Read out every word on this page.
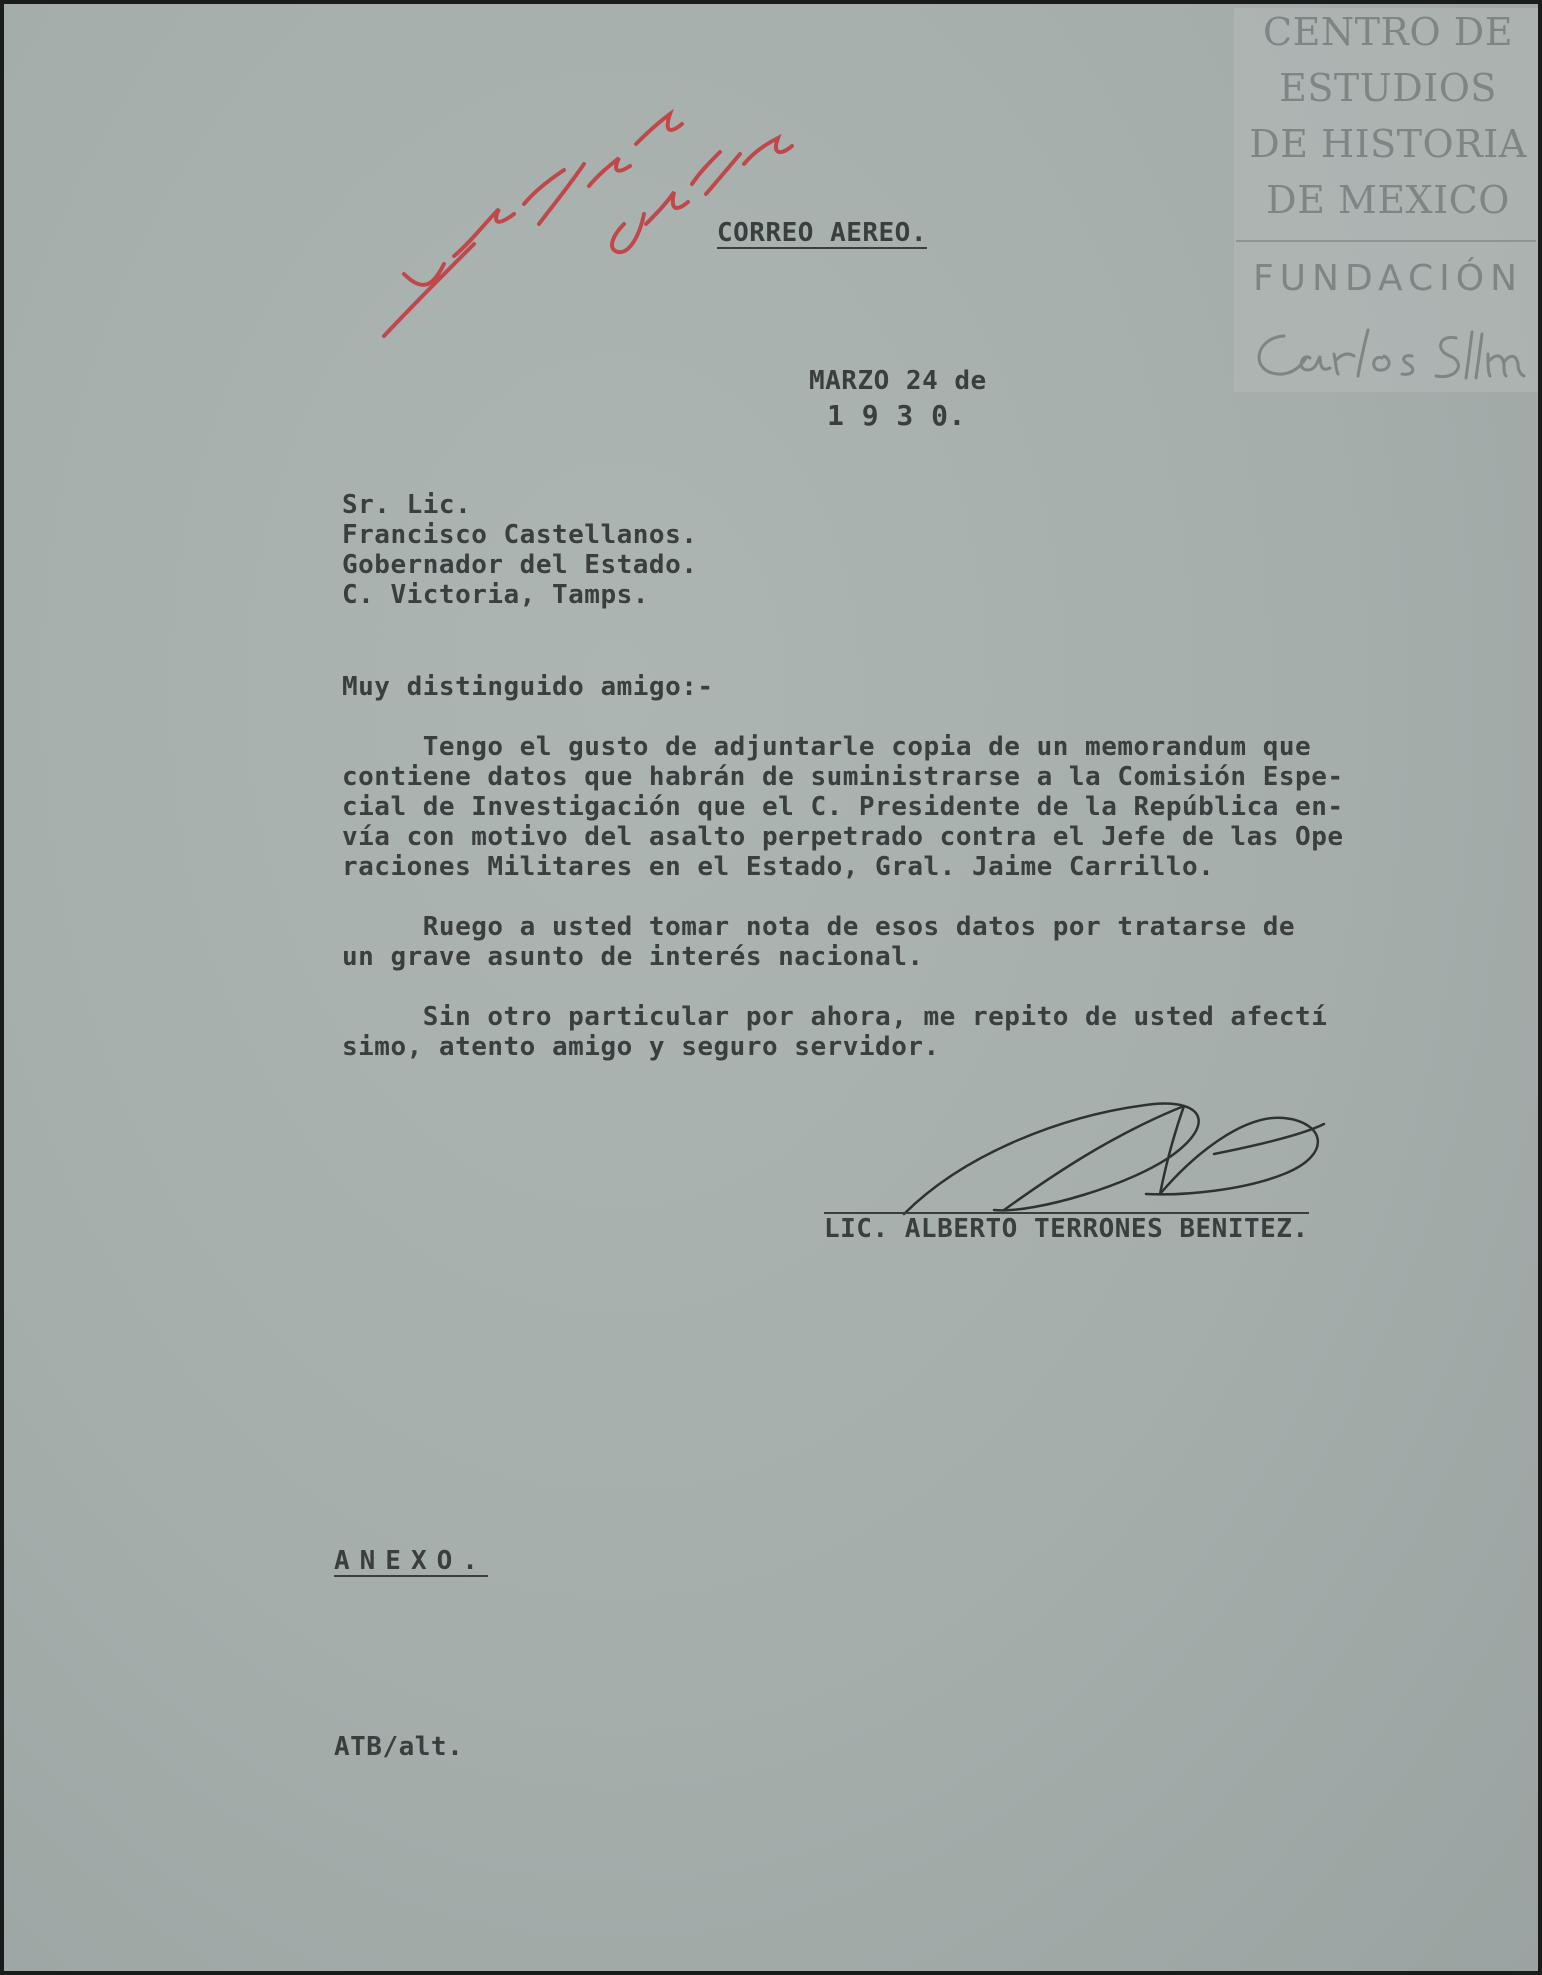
CENTRO DE
ESTUDIOS
DE HISTORIA
DE MEXICO
FUNDACIÓN
CORREO AEREO.
MARZO 24 de
1 9 3 0.
Sr. Lic.
Francisco Castellanos.
Gobernador del Estado.
C. Victoria, Tamps.
Muy distinguido amigo:-
Tengo el gusto de adjuntarle copia de un memorandum que
contiene datos que habrán de suministrarse a la Comisión Espe-
cial de Investigación que el C. Presidente de la República en-
vía con motivo del asalto perpetrado contra el Jefe de las Ope
raciones Militares en el Estado, Gral. Jaime Carrillo.
Ruego a usted tomar nota de esos datos por tratarse de
un grave asunto de interés nacional.
Sin otro particular por ahora, me repito de usted afectí
simo, atento amigo y seguro servidor.
LIC. ALBERTO TERRONES BENITEZ.
ANEXO.
ATB/alt.
